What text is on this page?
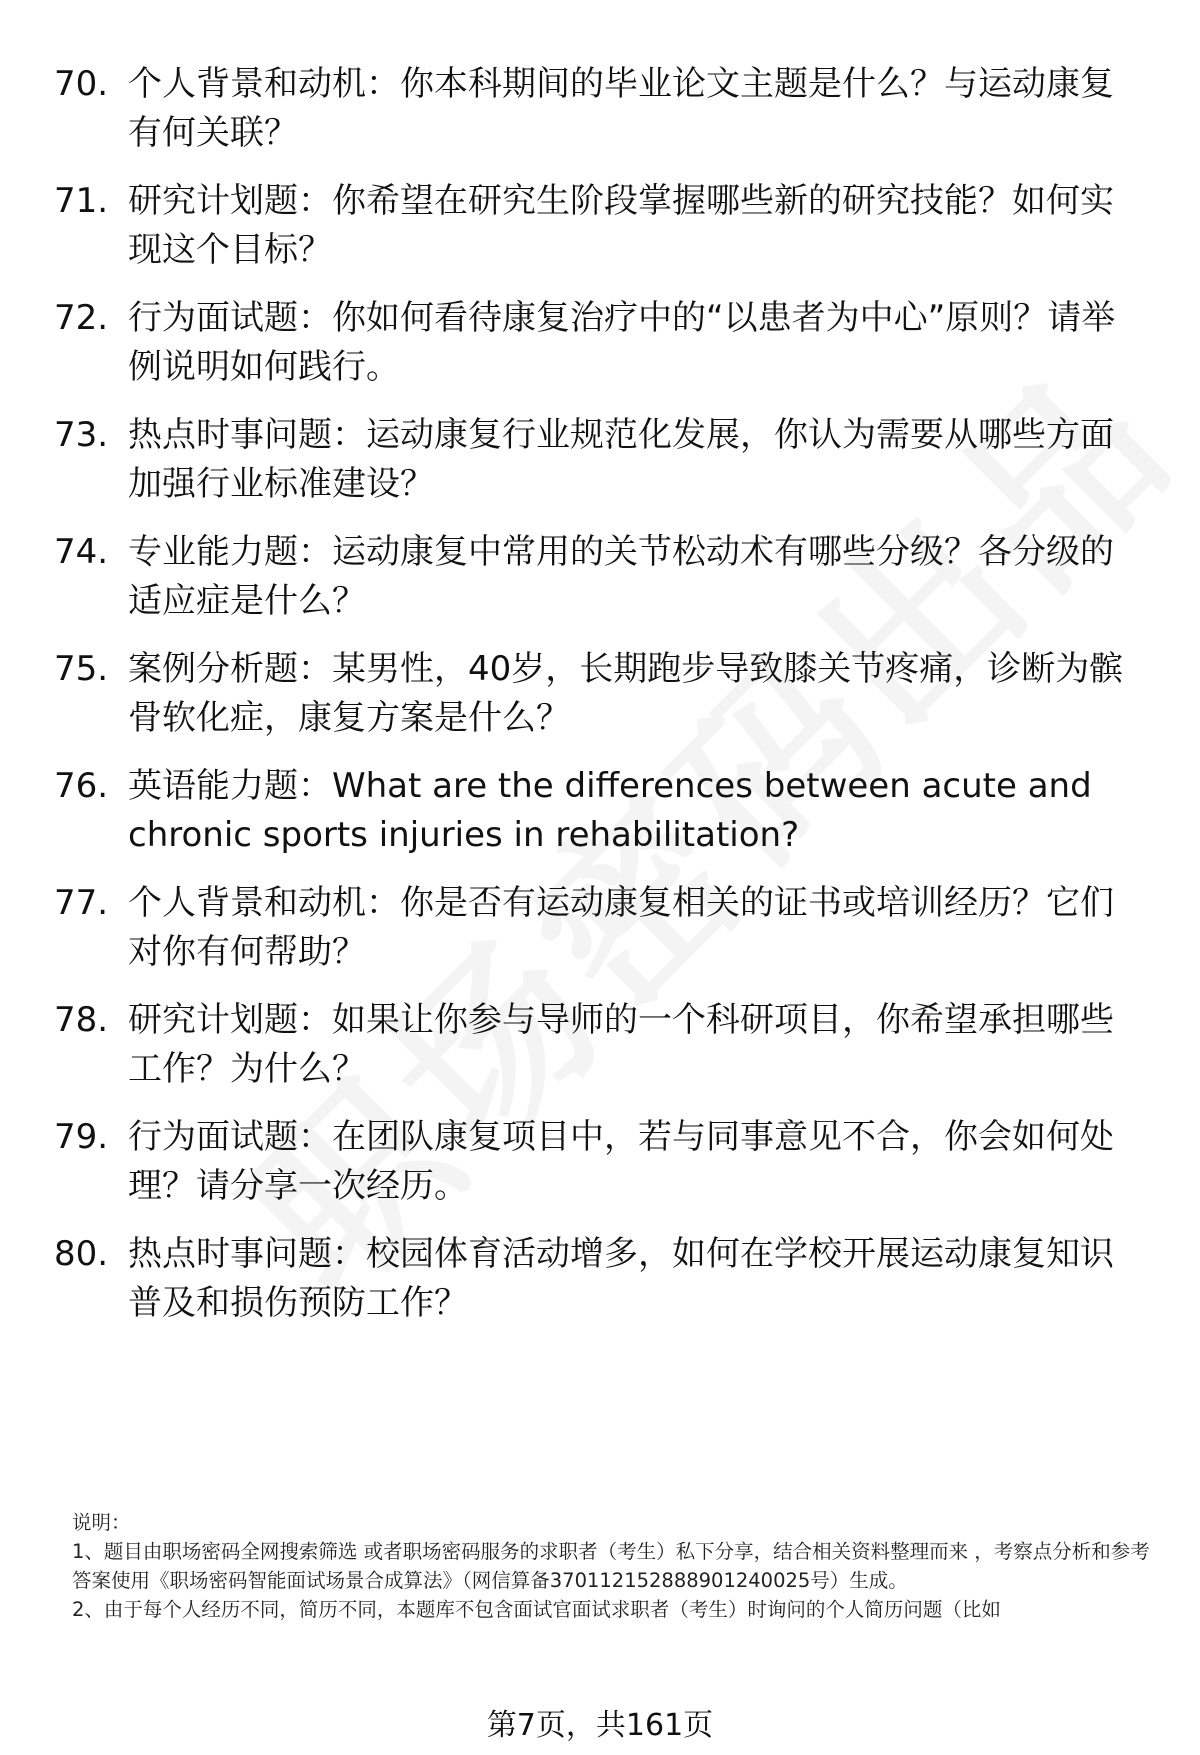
70. 个人背景和动机：你本科期间的毕业论文主题是什么？与运动康复有何关联？
71. 研究计划题：你希望在研究生阶段掌握哪些新的研究技能？如何实现这个目标？
72. 行为面试题：你如何看待康复治疗中的“以患者为中心”原则？请举例说明如何践行。
73. 热点时事问题：运动康复行业规范化发展，你认为需要从哪些方面加强行业标准建设？
74. 专业能力题：运动康复中常用的关节松动术有哪些分级？各分级的适应症是什么？
75. 案例分析题：某男性，40岁，长期跑步导致膝关节疼痛，诊断为髌骨软化症，康复方案是什么？
76. 英语能力题：What are the differences between acute and chronic sports injuries in rehabilitation?
77. 个人背景和动机：你是否有运动康复相关的证书或培训经历？它们对你有何帮助？
78. 研究计划题：如果让你参与导师的一个科研项目，你希望承担哪些工作？为什么？
79. 行为面试题：在团队康复项目中，若与同事意见不合，你会如何处理？请分享一次经历。
80. 热点时事问题：校园体育活动增多，如何在学校开展运动康复知识普及和损伤预防工作？

说明：

1、题目由职场密码全网搜索筛选 或者职场密码服务的求职者（考生）私下分享，结合相关资料整理而来 ，考察点分析和参考答案使用《职场密码智能面试场景合成算法》（网信算备370112152888901240025号）生成。

2、由于每个人经历不同，简历不同，本题库不包含面试官面试求职者（考生）时询问的个人简历问题（比如

第7页，共161页
